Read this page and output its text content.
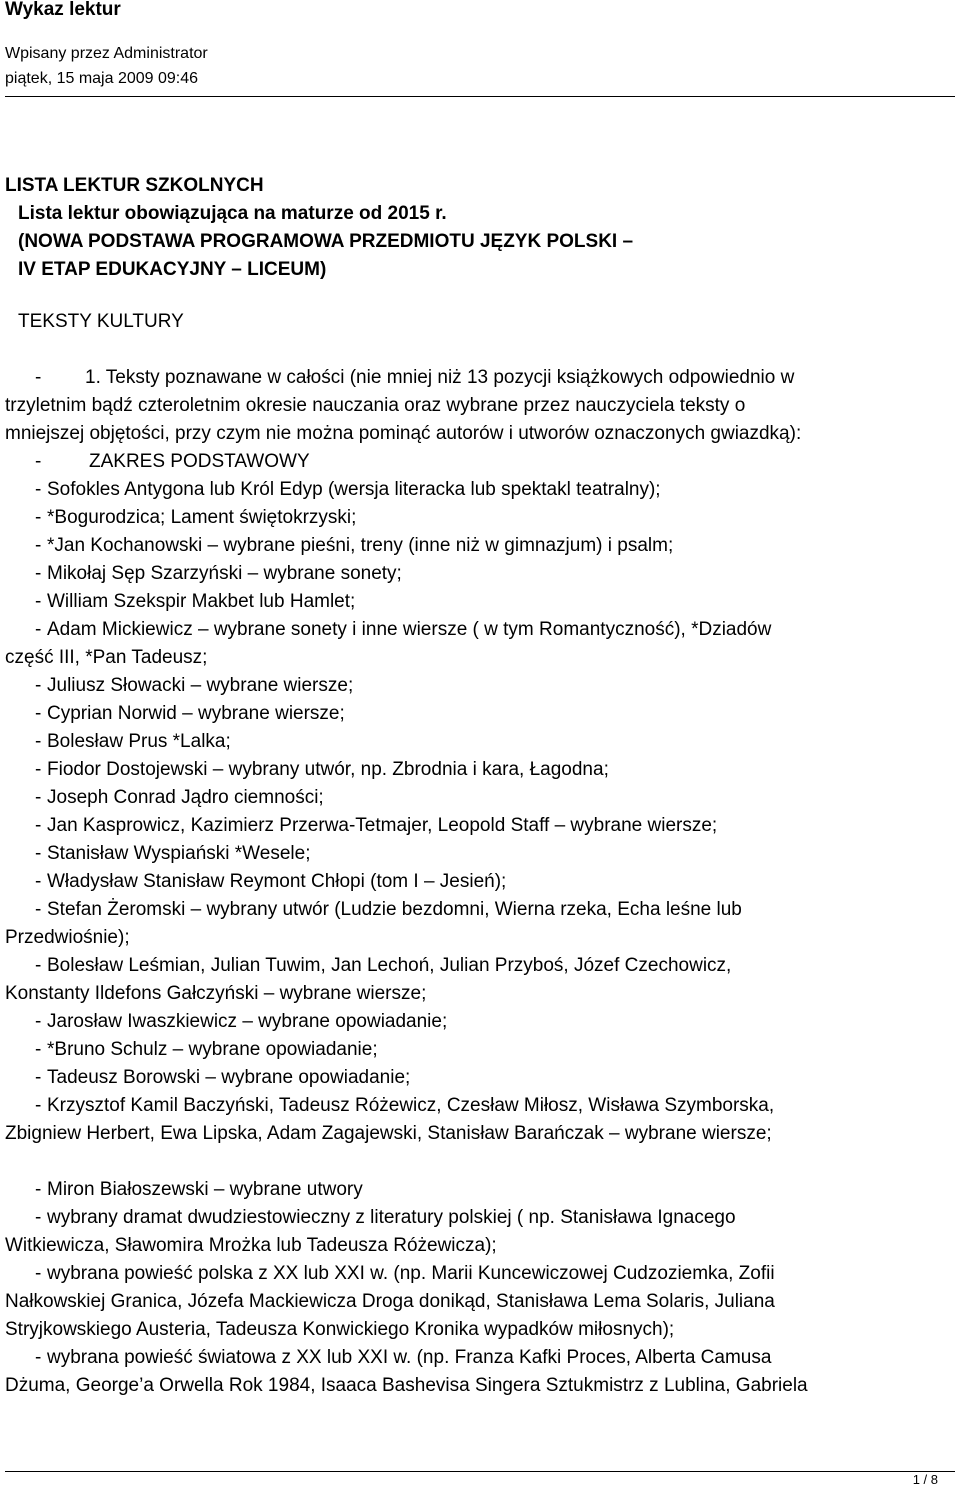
Wykaz lektur
Wpisany przez Administrator
piątek, 15 maja 2009 09:46
LISTA LEKTUR SZKOLNYCH
Lista lektur obowiązująca na maturze od 2015 r.
(NOWA PODSTAWA PROGRAMOWA PRZEDMIOTU JĘZYK POLSKI –
IV ETAP EDUKACYJNY – LICEUM)
TEKSTY KULTURY
- 1. Teksty poznawane w całości (nie mniej niż 13 pozycji książkowych odpowiednio w
trzyletnim bądź czteroletnim okresie nauczania oraz wybrane przez nauczyciela teksty o
mniejszej objętości, przy czym nie można pominąć autorów i utworów oznaczonych gwiazdką):
-	ZAKRES PODSTAWOWY
- Sofokles Antygona lub Król Edyp (wersja literacka lub spektakl teatralny);
- *Bogurodzica; Lament świętokrzyski;
- *Jan Kochanowski – wybrane pieśni, treny (inne niż w gimnazjum) i psalm;
- Mikołaj Sęp Szarzyński – wybrane sonety;
- William Szekspir Makbet lub Hamlet;
- Adam Mickiewicz – wybrane sonety i inne wiersze ( w tym Romantyczność), *Dziadów
część III, *Pan Tadeusz;
- Juliusz Słowacki – wybrane wiersze;
- Cyprian Norwid – wybrane wiersze;
- Bolesław Prus *Lalka;
- Fiodor Dostojewski – wybrany utwór, np. Zbrodnia i kara, Łagodna;
- Joseph Conrad Jądro ciemności;
- Jan Kasprowicz, Kazimierz Przerwa-Tetmajer, Leopold Staff – wybrane wiersze;
- Stanisław Wyspiański *Wesele;
- Władysław Stanisław Reymont Chłopi (tom I – Jesień);
- Stefan Żeromski – wybrany utwór (Ludzie bezdomni, Wierna rzeka, Echa leśne lub
Przedwiośnie);
- Bolesław Leśmian, Julian Tuwim, Jan Lechoń, Julian Przyboś, Józef Czechowicz,
Konstanty Ildefons Gałczyński – wybrane wiersze;
- Jarosław Iwaszkiewicz – wybrane opowiadanie;
- *Bruno Schulz – wybrane opowiadanie;
- Tadeusz Borowski – wybrane opowiadanie;
- Krzysztof Kamil Baczyński, Tadeusz Różewicz, Czesław Miłosz, Wisława Szymborska,
Zbigniew Herbert, Ewa Lipska, Adam Zagajewski, Stanisław Barańczak – wybrane wiersze;
- Miron Białoszewski – wybrane utwory
- wybrany dramat dwudziestowieczny z literatury polskiej ( np. Stanisława Ignacego
Witkiewicza, Sławomira Mrożka lub Tadeusza Różewicza);
- wybrana powieść polska z XX lub XXI w. (np. Marii Kuncewiczowej Cudzoziemka, Zofii
Nałkowskiej Granica, Józefa Mackiewicza Droga donikąd, Stanisława Lema Solaris, Juliana
Stryjkowskiego Austeria, Tadeusza Konwickiego Kronika wypadków miłosnych);
- wybrana powieść światowa z XX lub XXI w. (np. Franza Kafki Proces, Alberta Camusa
Dżuma, George’a Orwella Rok 1984, Isaaca Bashevisa Singera Sztukmistrz z Lublina, Gabriela
1 / 8
